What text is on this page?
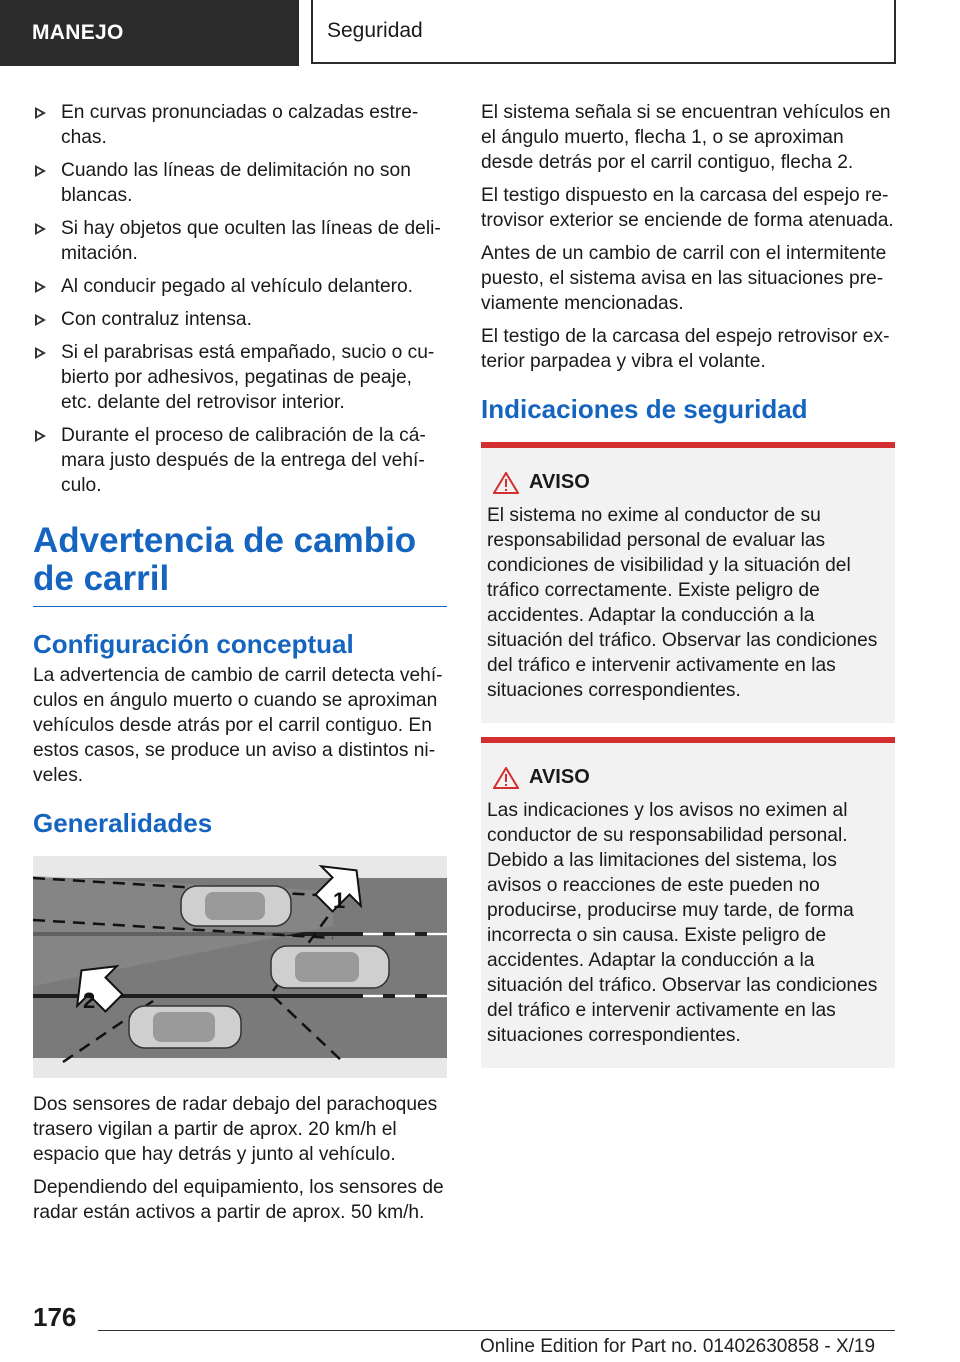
MANEJO	Seguridad
En curvas pronunciadas o calzadas estrechas.
Cuando las líneas de delimitación no son blancas.
Si hay objetos que oculten las líneas de delimitación.
Al conducir pegado al vehículo delantero.
Con contraluz intensa.
Si el parabrisas está empañado, sucio o cubierto por adhesivos, pegatinas de peaje, etc. delante del retrovisor interior.
Durante el proceso de calibración de la cámara justo después de la entrega del vehículo.
Advertencia de cambio de carril
Configuración conceptual

La advertencia de cambio de carril detecta vehículos en ángulo muerto o cuando se aproximan vehículos desde atrás por el carril contiguo. En estos casos, se produce un aviso a distintos niveles.

Generalidades
1
2

Dos sensores de radar debajo del parachoques trasero vigilan a partir de aprox. 20 km/h el espacio que hay detrás y junto al vehículo.

Dependiendo del equipamiento, los sensores de radar están activos a partir de aprox. 50 km/h.

El sistema señala si se encuentran vehículos en el ángulo muerto, flecha 1, o se aproximan desde detrás por el carril contiguo, flecha 2.

El testigo dispuesto en la carcasa del espejo retrovisor exterior se enciende de forma atenuada.

Antes de un cambio de carril con el intermitente puesto, el sistema avisa en las situaciones previamente mencionadas.

El testigo de la carcasa del espejo retrovisor exterior parpadea y vibra el volante.

Indicaciones de seguridad
AVISO
El sistema no exime al conductor de su responsabilidad personal de evaluar las condiciones de visibilidad y la situación del tráfico correctamente. Existe peligro de accidentes. Adaptar la conducción a la situación del tráfico. Observar las condiciones del tráfico e intervenir activamente en las situaciones correspondientes.
AVISO
Las indicaciones y los avisos no eximen al conductor de su responsabilidad personal. Debido a las limitaciones del sistema, los avisos o reacciones de este pueden no producirse, producirse muy tarde, de forma incorrecta o sin causa. Existe peligro de accidentes. Adaptar la conducción a la situación del tráfico. Observar las condiciones del tráfico e intervenir activamente en las situaciones correspondientes.
176
Online Edition for Part no. 01402630858 - X/19
